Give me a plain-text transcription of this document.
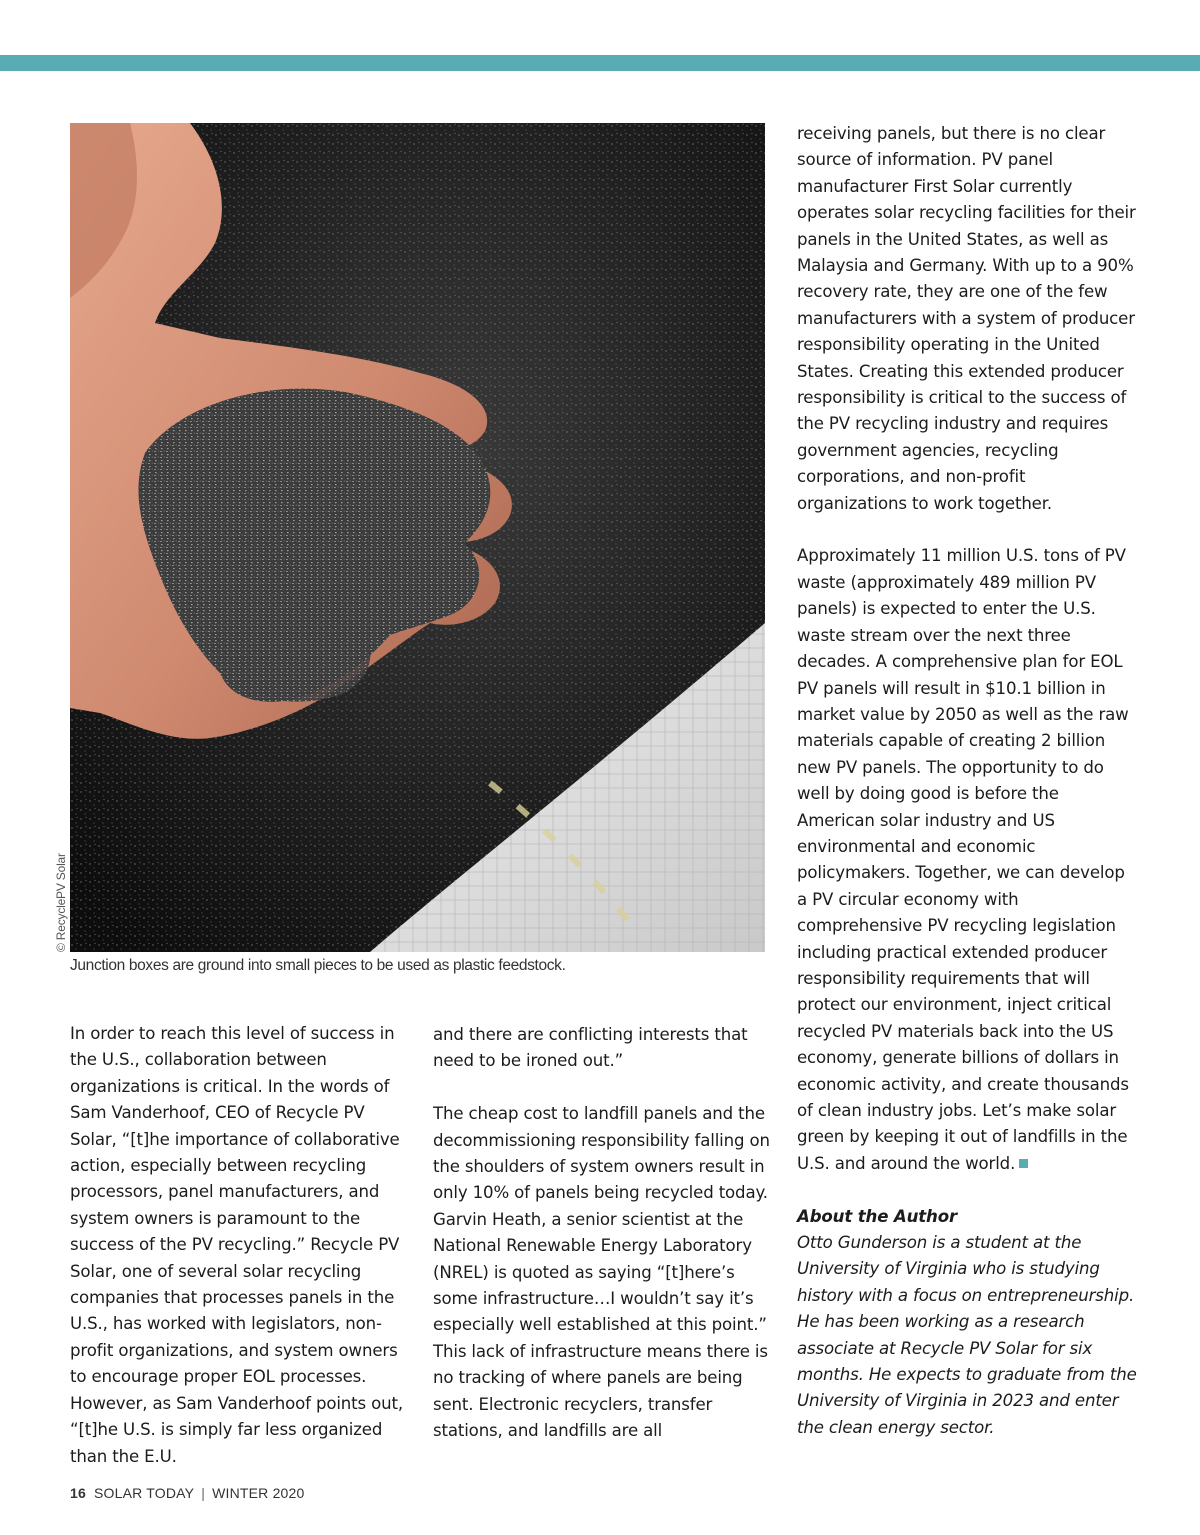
© RecyclePV Solar
Junction boxes are ground into small pieces to be used as plastic feedstock.

In order to reach this level of success in the U.S., collaboration between organizations is critical. In the words of Sam Vanderhoof, CEO of Recycle PV Solar, “[t]he importance of collaborative action, especially between recycling processors, panel manufacturers, and system owners is paramount to the success of the PV recycling.” Recycle PV Solar, one of several solar recycling companies that processes panels in the U.S., has worked with legislators, non-profit organizations, and system owners to encourage proper EOL processes. However, as Sam Vanderhoof points out, “[t]he U.S. is simply far less organized than the E.U.

and there are conflicting interests that need to be ironed out.”

The cheap cost to landfill panels and the decommissioning responsibility falling on the shoulders of system owners result in only 10% of panels being recycled today. Garvin Heath, a senior scientist at the National Renewable Energy Laboratory (NREL) is quoted as saying “[t]here’s some infrastructure…I wouldn’t say it’s especially well established at this point.” This lack of infrastructure means there is no tracking of where panels are being sent. Electronic recyclers, transfer stations, and landfills are all

receiving panels, but there is no clear source of information. PV panel manufacturer First Solar currently operates solar recycling facilities for their panels in the United States, as well as Malaysia and Germany. With up to a 90% recovery rate, they are one of the few manufacturers with a system of producer responsibility operating in the United States. Creating this extended producer responsibility is critical to the success of the PV recycling industry and requires government agencies, recycling corporations, and non-profit organizations to work together.

Approximately 11 million U.S. tons of PV waste (approximately 489 million PV panels) is expected to enter the U.S. waste stream over the next three decades. A comprehensive plan for EOL PV panels will result in $10.1 billion in market value by 2050 as well as the raw materials capable of creating 2 billion new PV panels. The opportunity to do well by doing good is before the American solar industry and US environmental and economic policymakers. Together, we can develop a PV circular economy with comprehensive PV recycling legislation including practical extended producer responsibility requirements that will protect our environment, inject critical recycled PV materials back into the US economy, generate billions of dollars in economic activity, and create thousands of clean industry jobs. Let’s make solar green by keeping it out of landfills in the U.S. and around the world.

About the Author
Otto Gunderson is a student at the University of Virginia who is studying history with a focus on entrepreneurship. He has been working as a research associate at Recycle PV Solar for six months. He expects to graduate from the University of Virginia in 2023 and enter the clean energy sector.
16 SOLAR TODAY | WINTER 2020
